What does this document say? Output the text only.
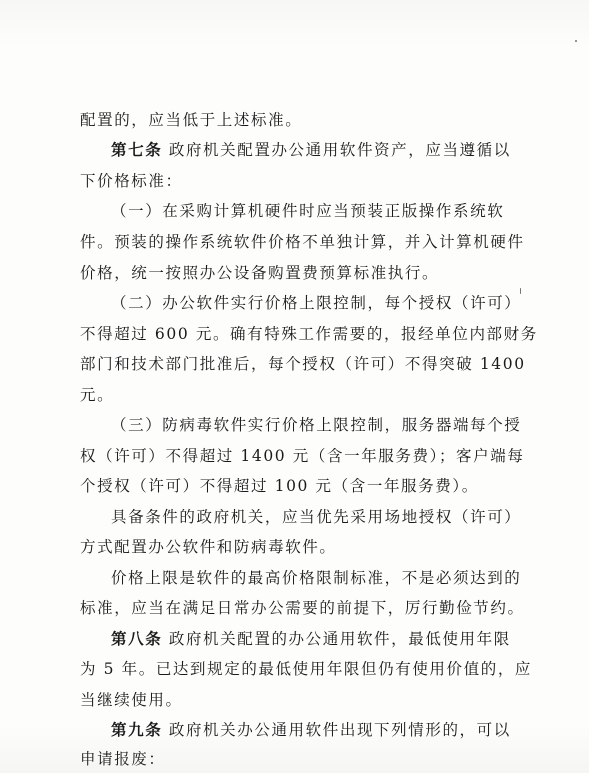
配置的，应当低于上述标准。
第七条 政府机关配置办公通用软件资产，应当遵循以
下价格标准：
（一）在采购计算机硬件时应当预装正版操作系统软
件。预装的操作系统软件价格不单独计算，并入计算机硬件
价格，统一按照办公设备购置费预算标准执行。
（二）办公软件实行价格上限控制，每个授权（许可）
不得超过 600 元。确有特殊工作需要的，报经单位内部财务
部门和技术部门批准后，每个授权（许可）不得突破 1400
元。
（三）防病毒软件实行价格上限控制，服务器端每个授
权（许可）不得超过 1400 元（含一年服务费）；客户端每
个授权（许可）不得超过 100 元（含一年服务费）。
具备条件的政府机关，应当优先采用场地授权（许可）
方式配置办公软件和防病毒软件。
价格上限是软件的最高价格限制标准，不是必须达到的
标准，应当在满足日常办公需要的前提下，厉行勤俭节约。
第八条 政府机关配置的办公通用软件，最低使用年限
为 5 年。已达到规定的最低使用年限但仍有使用价值的，应
当继续使用。
第九条 政府机关办公通用软件出现下列情形的，可以
申请报废：
